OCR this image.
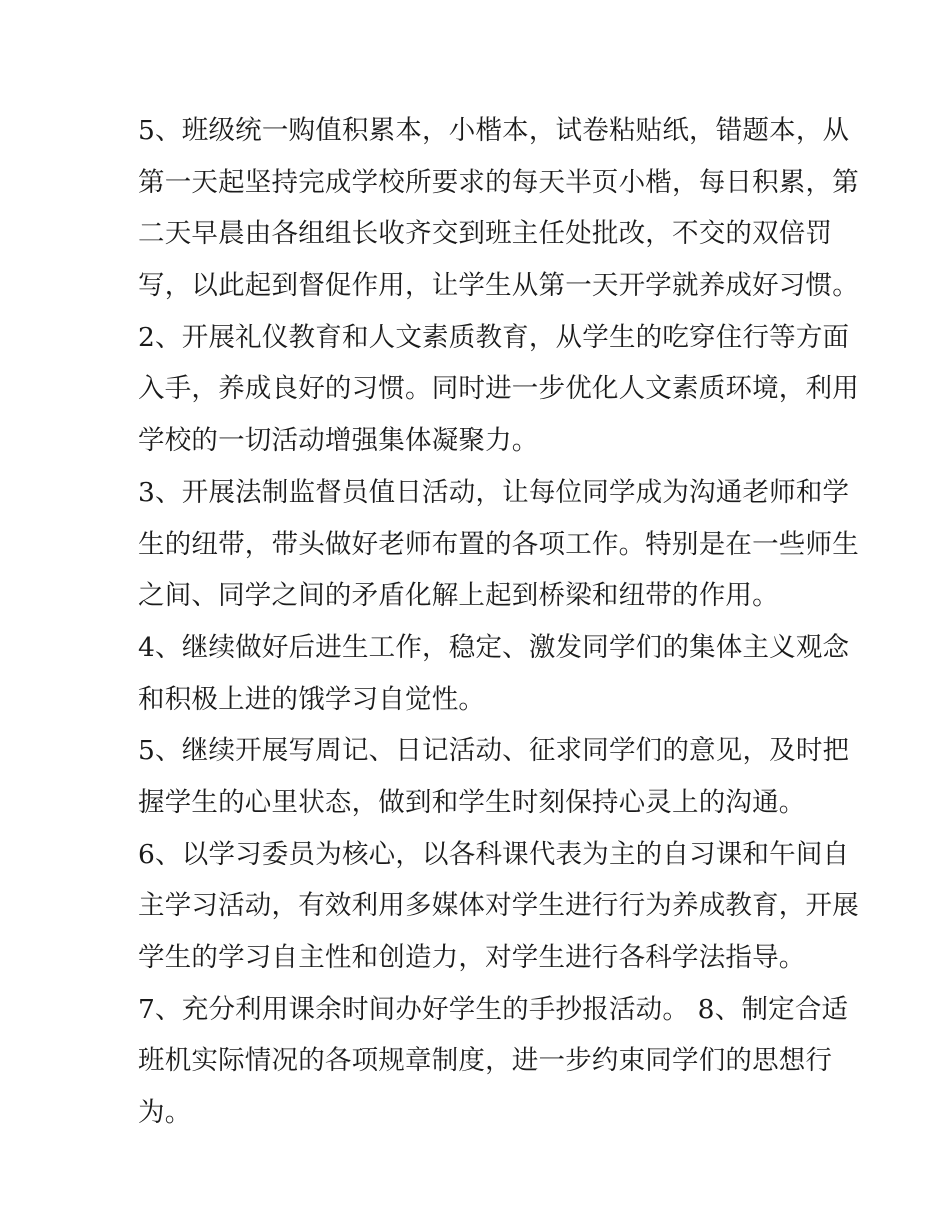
5、班级统一购值积累本，小楷本，试卷粘贴纸，错题本，从
第一天起坚持完成学校所要求的每天半页小楷，每日积累，第
二天早晨由各组组长收齐交到班主任处批改，不交的双倍罚
写，以此起到督促作用，让学生从第一天开学就养成好习惯。

2、开展礼仪教育和人文素质教育，从学生的吃穿住行等方面
入手，养成良好的习惯。同时进一步优化人文素质环境，利用
学校的一切活动增强集体凝聚力。

3、开展法制监督员值日活动，让每位同学成为沟通老师和学
生的纽带，带头做好老师布置的各项工作。特别是在一些师生
之间、同学之间的矛盾化解上起到桥梁和纽带的作用。

4、继续做好后进生工作，稳定、激发同学们的集体主义观念
和积极上进的饿学习自觉性。

5、继续开展写周记、日记活动、征求同学们的意见，及时把
握学生的心里状态，做到和学生时刻保持心灵上的沟通。

6、以学习委员为核心，以各科课代表为主的自习课和午间自
主学习活动，有效利用多媒体对学生进行行为养成教育，开展
学生的学习自主性和创造力，对学生进行各科学法指导。

7、充分利用课余时间办好学生的手抄报活动。 8、制定合适
班机实际情况的各项规章制度，进一步约束同学们的思想行
为。
